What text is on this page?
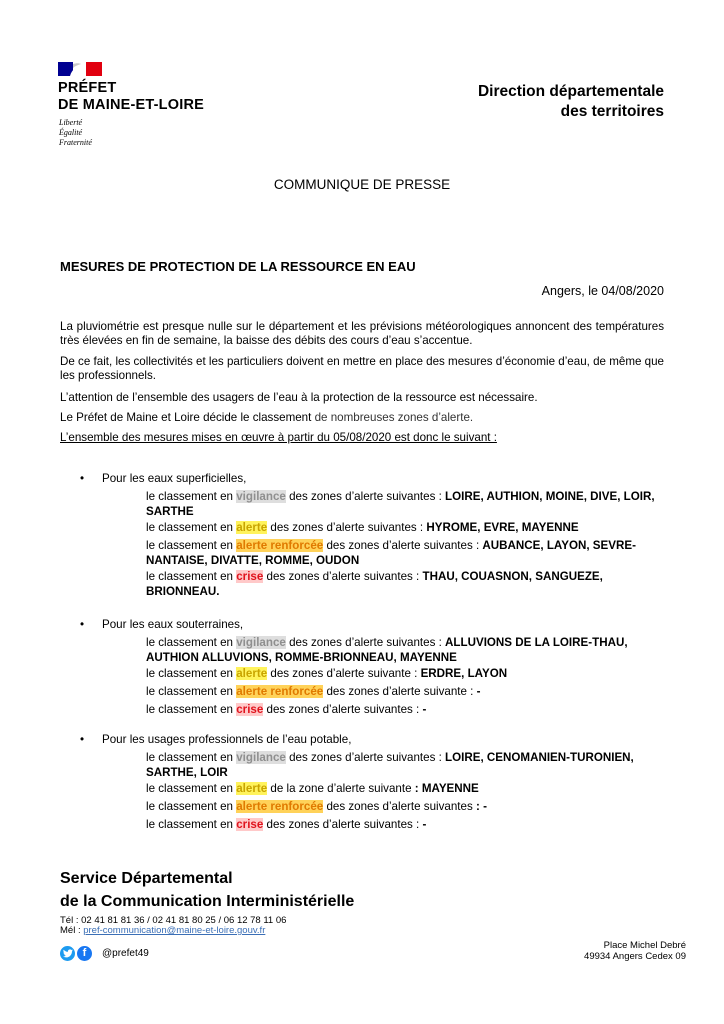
PRÉFET
DE MAINE-ET-LOIRE
Liberté
Égalité
Fraternité
Direction départementale
des territoires
COMMUNIQUE DE PRESSE
MESURES DE PROTECTION DE LA RESSOURCE EN EAU
Angers, le 04/08/2020
La pluviométrie est presque nulle sur le département et les prévisions météorologiques annoncent des températures très élevées en fin de semaine, la baisse des débits des cours d’eau s’accentue.
De ce fait, les collectivités et les particuliers doivent en mettre en place des mesures d’économie d’eau, de même que les professionnels.
L’attention de l’ensemble des usagers de l’eau à la protection de la ressource est nécessaire.
Le Préfet de Maine et Loire décide le classement de nombreuses zones d’alerte.
L’ensemble des mesures mises en œuvre à partir du 05/08/2020 est donc le suivant :
• Pour les eaux superficielles,
le classement en vigilance des zones d’alerte suivantes : LOIRE, AUTHION, MOINE, DIVE, LOIR, SARTHE
le classement en alerte des zones d’alerte suivantes : HYROME, EVRE, MAYENNE
le classement en alerte renforcée des zones d’alerte suivantes : AUBANCE, LAYON, SEVRE-NANTAISE, DIVATTE, ROMME, OUDON
le classement en crise des zones d’alerte suivantes : THAU, COUASNON, SANGUEZE, BRIONNEAU.
• Pour les eaux souterraines,
le classement en vigilance des zones d’alerte suivantes : ALLUVIONS DE LA LOIRE-THAU, AUTHION ALLUVIONS, ROMME-BRIONNEAU, MAYENNE
le classement en alerte des zones d’alerte suivante : ERDRE, LAYON
le classement en alerte renforcée des zones d’alerte suivante : -
le classement en crise des zones d’alerte suivantes : -
• Pour les usages professionnels de l’eau potable,
le classement en vigilance des zones d’alerte suivantes : LOIRE, CENOMANIEN-TURONIEN, SARTHE, LOIR
le classement en alerte de la zone d’alerte suivante : MAYENNE
le classement en alerte renforcée des zones d’alerte suivantes : -
le classement en crise des zones d’alerte suivantes : -
Service Départemental
de la Communication Interministérielle
Tél : 02 41 81 81 36 / 02 41 81 80 25 / 06 12 78 11 06
Mél : pref-communication@maine-et-loire.gouv.fr
f	@prefet49
Place Michel Debré
49934 Angers Cedex 09
